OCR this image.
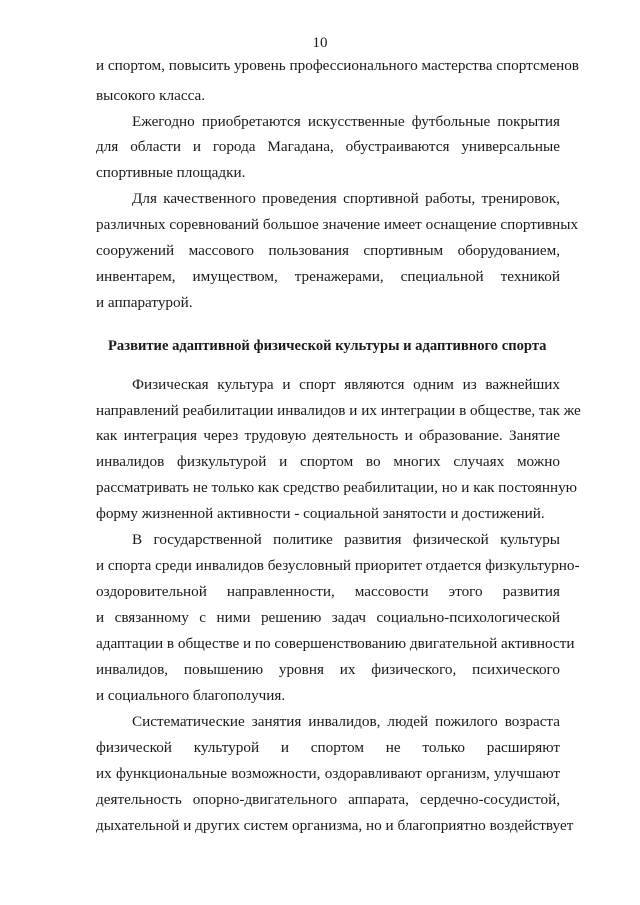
10
и спортом, повысить уровень профессионального мастерства спортсменов
высокого класса.
Ежегодно приобретаются искусственные футбольные покрытия
для области и города Магадана, обустраиваются универсальные
спортивные площадки.
Для качественного проведения спортивной работы, тренировок,
различных соревнований большое значение имеет оснащение спортивных
сооружений массового пользования спортивным оборудованием,
инвентарем, имуществом, тренажерами, специальной техникой
и аппаратурой.
Развитие адаптивной физической культуры и адаптивного спорта
Физическая культура и спорт являются одним из важнейших
направлений реабилитации инвалидов и их интеграции в обществе, так же
как интеграция через трудовую деятельность и образование. Занятие
инвалидов физкультурой и спортом во многих случаях можно
рассматривать не только как средство реабилитации, но и как постоянную
форму жизненной активности - социальной занятости и достижений.
В государственной политике развития физической культуры
и спорта среди инвалидов безусловный приоритет отдается физкультурно-
оздоровительной направленности, массовости этого развития
и связанному с ними решению задач социально-психологической
адаптации в обществе и по совершенствованию двигательной активности
инвалидов, повышению уровня их физического, психического
и социального благополучия.
Систематические занятия инвалидов, людей пожилого возраста
физической культурой и спортом не только расширяют
их функциональные возможности, оздоравливают организм, улучшают
деятельность опорно-двигательного аппарата, сердечно-сосудистой,
дыхательной и других систем организма, но и благоприятно воздействует
